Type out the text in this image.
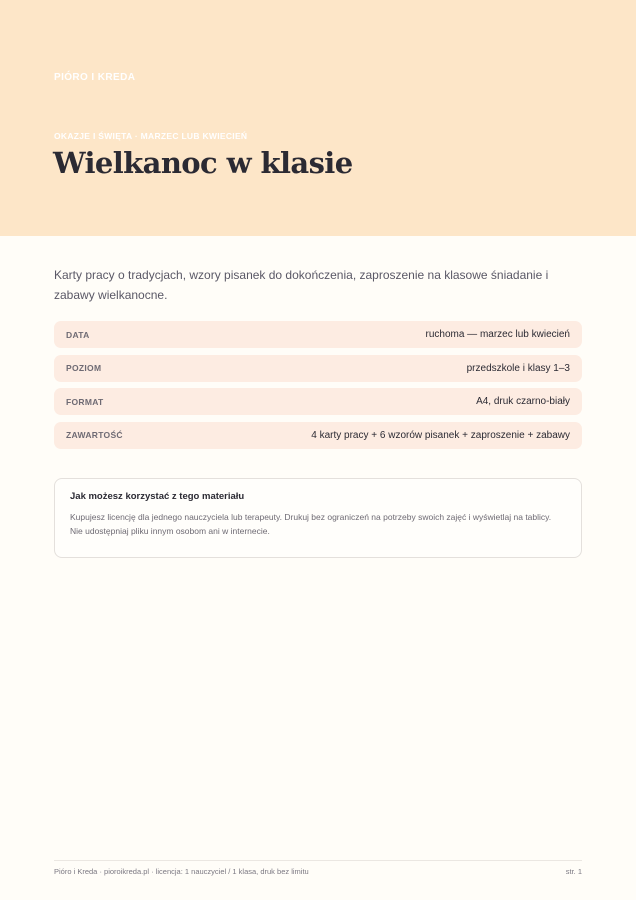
PIÓRO I KREDA
OKAZJE I ŚWIĘTA · MARZEC LUB KWIECIEŃ
Wielkanoc w klasie

Karty pracy o tradycjach, wzory pisanek do dokończenia, zaproszenie na klasowe śniadanie i zabawy wielkanocne.

DATA	ruchoma — marzec lub kwiecień
POZIOM	przedszkole i klasy 1–3
FORMAT	A4, druk czarno-biały
ZAWARTOŚĆ	4 karty pracy + 6 wzorów pisanek + zaproszenie + zabawy
Jak możesz korzystać z tego materiału

Kupujesz licencję dla jednego nauczyciela lub terapeuty. Drukuj bez ograniczeń na potrzeby swoich zajęć i wyświetlaj na tablicy. Nie udostępniaj pliku innym osobom ani w internecie.

Pióro i Kreda · pioroikreda.pl · licencja: 1 nauczyciel / 1 klasa, druk bez limitu	str. 1
